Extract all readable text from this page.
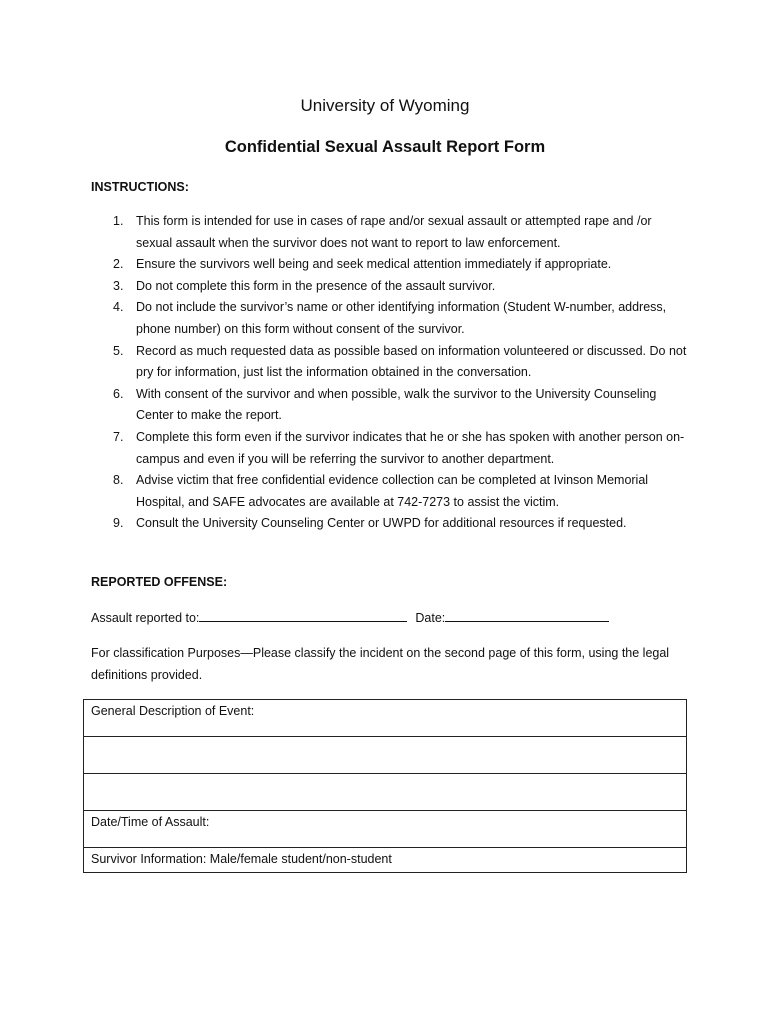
University of Wyoming
Confidential Sexual Assault Report Form

INSTRUCTIONS:

1. This form is intended for use in cases of rape and/or sexual assault or attempted rape and /or sexual assault when the survivor does not want to report to law enforcement.
2. Ensure the survivors well being and seek medical attention immediately if appropriate.
3. Do not complete this form in the presence of the assault survivor.
4. Do not include the survivor’s name or other identifying information (Student W-number, address, phone number) on this form without consent of the survivor.
5. Record as much requested data as possible based on information volunteered or discussed. Do not pry for information, just list the information obtained in the conversation.
6. With consent of the survivor and when possible, walk the survivor to the University Counseling Center to make the report.
7. Complete this form even if the survivor indicates that he or she has spoken with another person on-campus and even if you will be referring the survivor to another department.
8. Advise victim that free confidential evidence collection can be completed at Ivinson Memorial Hospital, and SAFE advocates are available at 742-7273 to assist the victim.
9. Consult the University Counseling Center or UWPD for additional resources if requested.

REPORTED OFFENSE:

Assault reported to:	Date:

For classification Purposes—Please classify the incident on the second page of this form, using the legal definitions provided.

General Description of Event:

Date/Time of Assault:
Survivor Information: Male/female student/non-student
